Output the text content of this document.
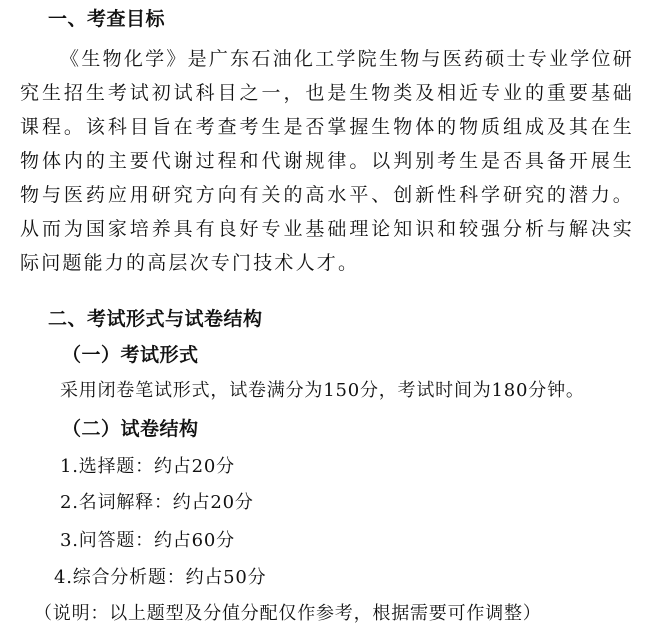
一、考查目标
《生物化学》是广东石油化工学院生物与医药硕士专业学位研究生招生考试初试科目之一，也是生物类及相近专业的重要基础课程。该科目旨在考查考生是否掌握生物体的物质组成及其在生物体内的主要代谢过程和代谢规律。以判别考生是否具备开展生物与医药应用研究方向有关的高水平、创新性科学研究的潜力。从而为国家培养具有良好专业基础理论知识和较强分析与解决实际问题能力的高层次专门技术人才。
二、考试形式与试卷结构
（一）考试形式
采用闭卷笔试形式，试卷满分为150分，考试时间为180分钟。
（二）试卷结构
1.选择题：约占20分
2.名词解释：约占20分
3.问答题：约占60分
4.综合分析题：约占50分
（说明：以上题型及分值分配仅作参考，根据需要可作调整）
